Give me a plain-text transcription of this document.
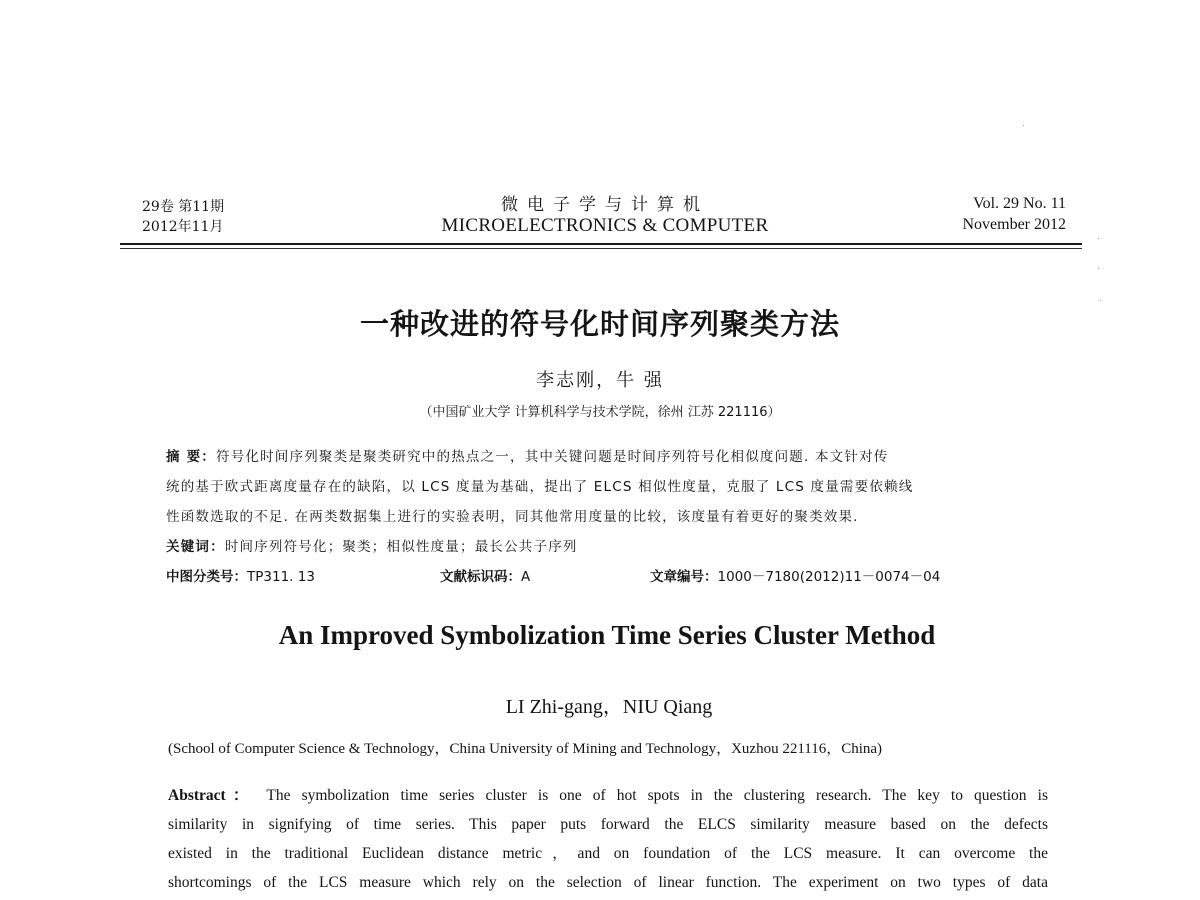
29卷 第11期
2012年11月
微电子学与计算机
MICROELECTRONICS & COMPUTER
Vol. 29 No. 11
November 2012
一种改进的符号化时间序列聚类方法
李志刚，牛 强
（中国矿业大学 计算机科学与技术学院，徐州 江苏 221116）
摘 要：符号化时间序列聚类是聚类研究中的热点之一，其中关键问题是时间序列符号化相似度问题. 本文针对传
统的基于欧式距离度量存在的缺陷，以 LCS 度量为基础，提出了 ELCS 相似性度量，克服了 LCS 度量需要依赖线
性函数选取的不足. 在两类数据集上进行的实验表明，同其他常用度量的比较，该度量有着更好的聚类效果.
关键词：时间序列符号化；聚类；相似性度量；最长公共子序列
中图分类号：TP311. 13	文献标识码：A	文章编号：1000－7180(2012)11－0074－04
An Improved Symbolization Time Series Cluster Method
LI Zhi-gang，NIU Qiang
(School of Computer Science & Technology，China University of Mining and Technology，Xuzhou 221116，China)
Abstract： The symbolization time series cluster is one of hot spots in the clustering research. The key to question is
similarity in signifying of time series. This paper puts forward the ELCS similarity measure based on the defects
existed in the traditional Euclidean distance metric，and on foundation of the LCS measure. It can overcome the
shortcomings of the LCS measure which rely on the selection of linear function. The experiment on two types of data
